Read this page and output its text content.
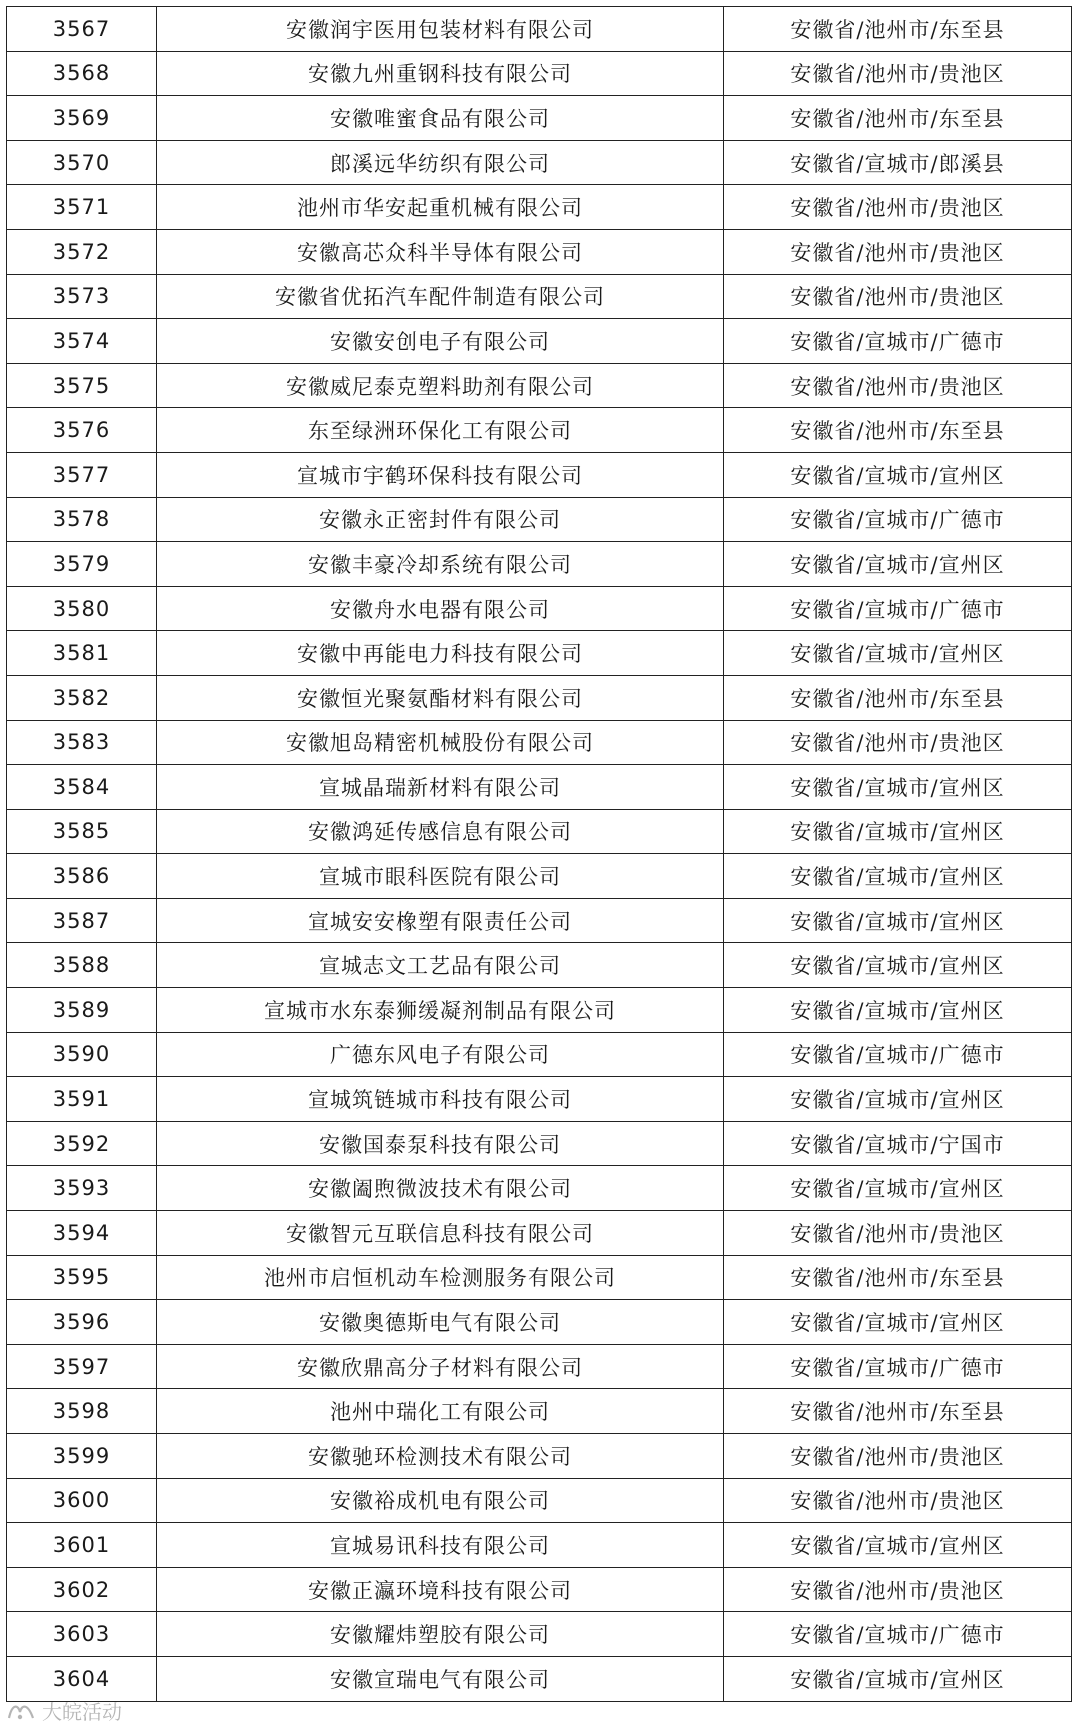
3567	安徽润宇医用包装材料有限公司	安徽省/池州市/东至县
3568	安徽九州重钢科技有限公司	安徽省/池州市/贵池区
3569	安徽唯蜜食品有限公司	安徽省/池州市/东至县
3570	郎溪远华纺织有限公司	安徽省/宣城市/郎溪县
3571	池州市华安起重机械有限公司	安徽省/池州市/贵池区
3572	安徽高芯众科半导体有限公司	安徽省/池州市/贵池区
3573	安徽省优拓汽车配件制造有限公司	安徽省/池州市/贵池区
3574	安徽安创电子有限公司	安徽省/宣城市/广德市
3575	安徽威尼泰克塑料助剂有限公司	安徽省/池州市/贵池区
3576	东至绿洲环保化工有限公司	安徽省/池州市/东至县
3577	宣城市宇鹤环保科技有限公司	安徽省/宣城市/宣州区
3578	安徽永正密封件有限公司	安徽省/宣城市/广德市
3579	安徽丰豪冷却系统有限公司	安徽省/宣城市/宣州区
3580	安徽舟水电器有限公司	安徽省/宣城市/广德市
3581	安徽中再能电力科技有限公司	安徽省/宣城市/宣州区
3582	安徽恒光聚氨酯材料有限公司	安徽省/池州市/东至县
3583	安徽旭岛精密机械股份有限公司	安徽省/池州市/贵池区
3584	宣城晶瑞新材料有限公司	安徽省/宣城市/宣州区
3585	安徽鸿延传感信息有限公司	安徽省/宣城市/宣州区
3586	宣城市眼科医院有限公司	安徽省/宣城市/宣州区
3587	宣城安安橡塑有限责任公司	安徽省/宣城市/宣州区
3588	宣城志文工艺品有限公司	安徽省/宣城市/宣州区
3589	宣城市水东泰狮缓凝剂制品有限公司	安徽省/宣城市/宣州区
3590	广德东风电子有限公司	安徽省/宣城市/广德市
3591	宣城筑链城市科技有限公司	安徽省/宣城市/宣州区
3592	安徽国泰泵科技有限公司	安徽省/宣城市/宁国市
3593	安徽阖煦微波技术有限公司	安徽省/宣城市/宣州区
3594	安徽智元互联信息科技有限公司	安徽省/池州市/贵池区
3595	池州市启恒机动车检测服务有限公司	安徽省/池州市/东至县
3596	安徽奥德斯电气有限公司	安徽省/宣城市/宣州区
3597	安徽欣鼎高分子材料有限公司	安徽省/宣城市/广德市
3598	池州中瑞化工有限公司	安徽省/池州市/东至县
3599	安徽驰环检测技术有限公司	安徽省/池州市/贵池区
3600	安徽裕成机电有限公司	安徽省/池州市/贵池区
3601	宣城易讯科技有限公司	安徽省/宣城市/宣州区
3602	安徽正瀛环境科技有限公司	安徽省/池州市/贵池区
3603	安徽耀炜塑胶有限公司	安徽省/宣城市/广德市
3604	安徽宣瑞电气有限公司	安徽省/宣城市/宣州区
大皖活动
